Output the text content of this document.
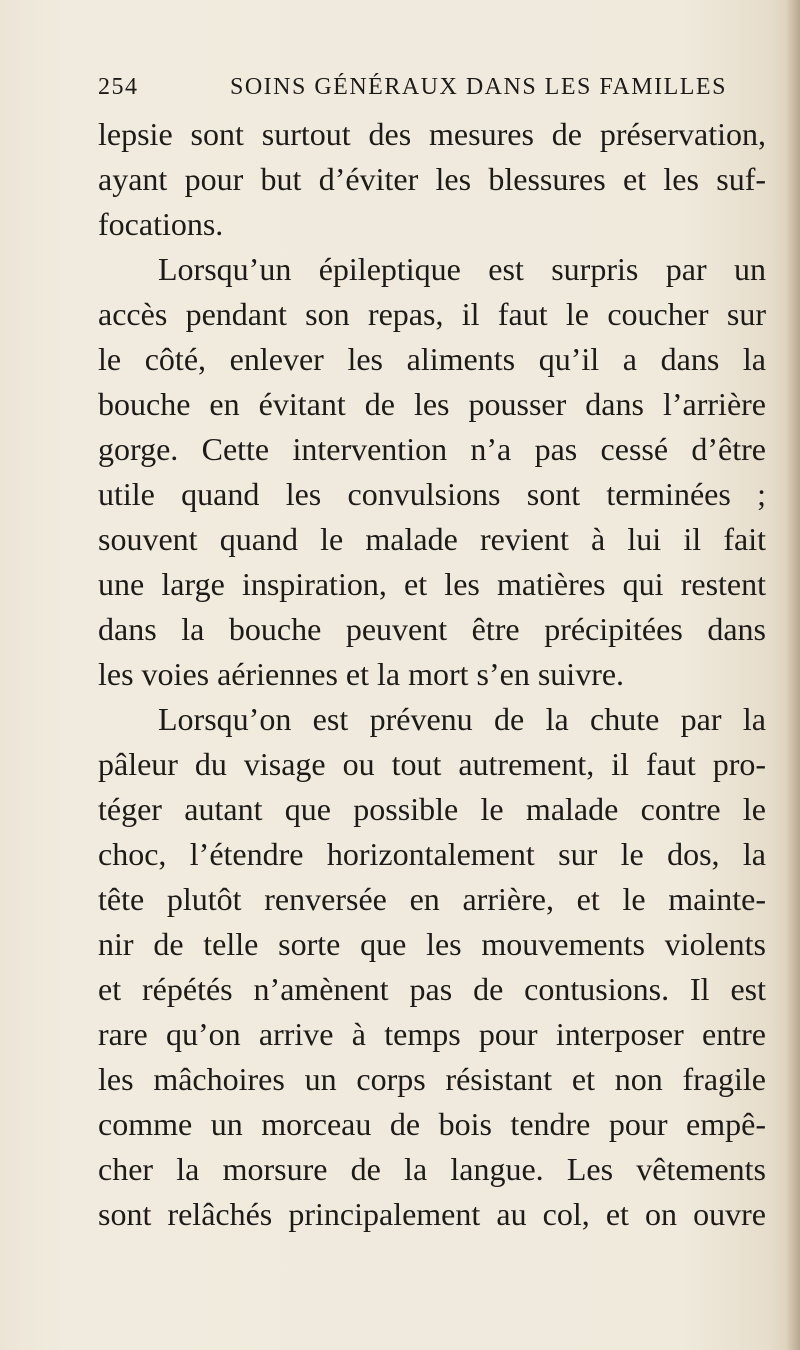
254	SOINS GÉNÉRAUX DANS LES FAMILLES
lepsie sont surtout des mesures de préservation,
ayant pour but d’éviter les blessures et les suf-
focations.
Lorsqu’un épileptique est surpris par un
accès pendant son repas, il faut le coucher sur
le côté, enlever les aliments qu’il a dans la
bouche en évitant de les pousser dans l’arrière
gorge. Cette intervention n’a pas cessé d’être
utile quand les convulsions sont terminées ;
souvent quand le malade revient à lui il fait
une large inspiration, et les matières qui restent
dans la bouche peuvent être précipitées dans
les voies aériennes et la mort s’en suivre.
Lorsqu’on est prévenu de la chute par la
pâleur du visage ou tout autrement, il faut pro-
téger autant que possible le malade contre le
choc, l’étendre horizontalement sur le dos, la
tête plutôt renversée en arrière, et le mainte-
nir de telle sorte que les mouvements violents
et répétés n’amènent pas de contusions. Il est
rare qu’on arrive à temps pour interposer entre
les mâchoires un corps résistant et non fragile
comme un morceau de bois tendre pour empê-
cher la morsure de la langue. Les vêtements
sont relâchés principalement au col, et on ouvre
